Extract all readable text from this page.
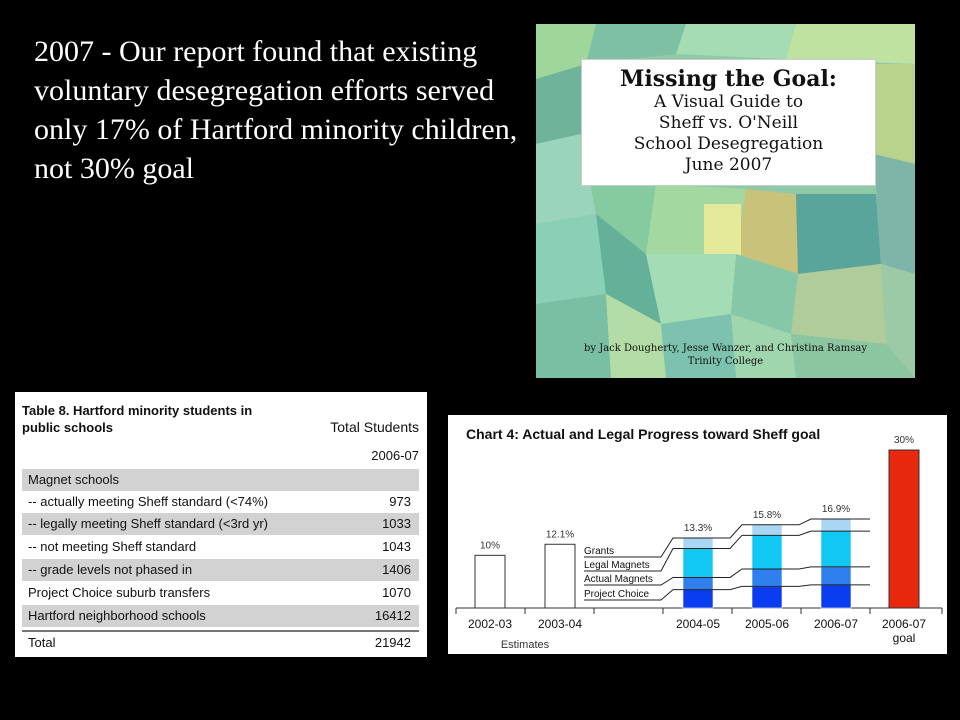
2007 - Our report found that existing voluntary desegregation efforts served only 17% of Hartford minority children, not 30% goal
Missing the Goal:
A Visual Guide to
Sheff vs. O'Neill
School Desegregation
June 2007
by Jack Dougherty, Jesse Wanzer, and Christina Ramsay
Trinity College
Table 8. Hartford minority students in
public schools	Total Students
2006-07
Magnet schools
-- actually meeting Sheff standard (<74%)	973
-- legally meeting Sheff standard (<3rd yr)	1033
-- not meeting Sheff standard	1043
-- grade levels not phased in	1406
Project Choice suburb transfers	1070
Hartford neighborhood schools	16412
Total	21942
Chart 4: Actual and Legal Progress toward Sheff goal
10%
2002-03
12.1%
2003-04
13.3%
2004-05
15.8%
2005-06
16.9%
2006-07
30%
2006-07
goal
Estimates
Grants
Legal Magnets
Actual Magnets
Project Choice
